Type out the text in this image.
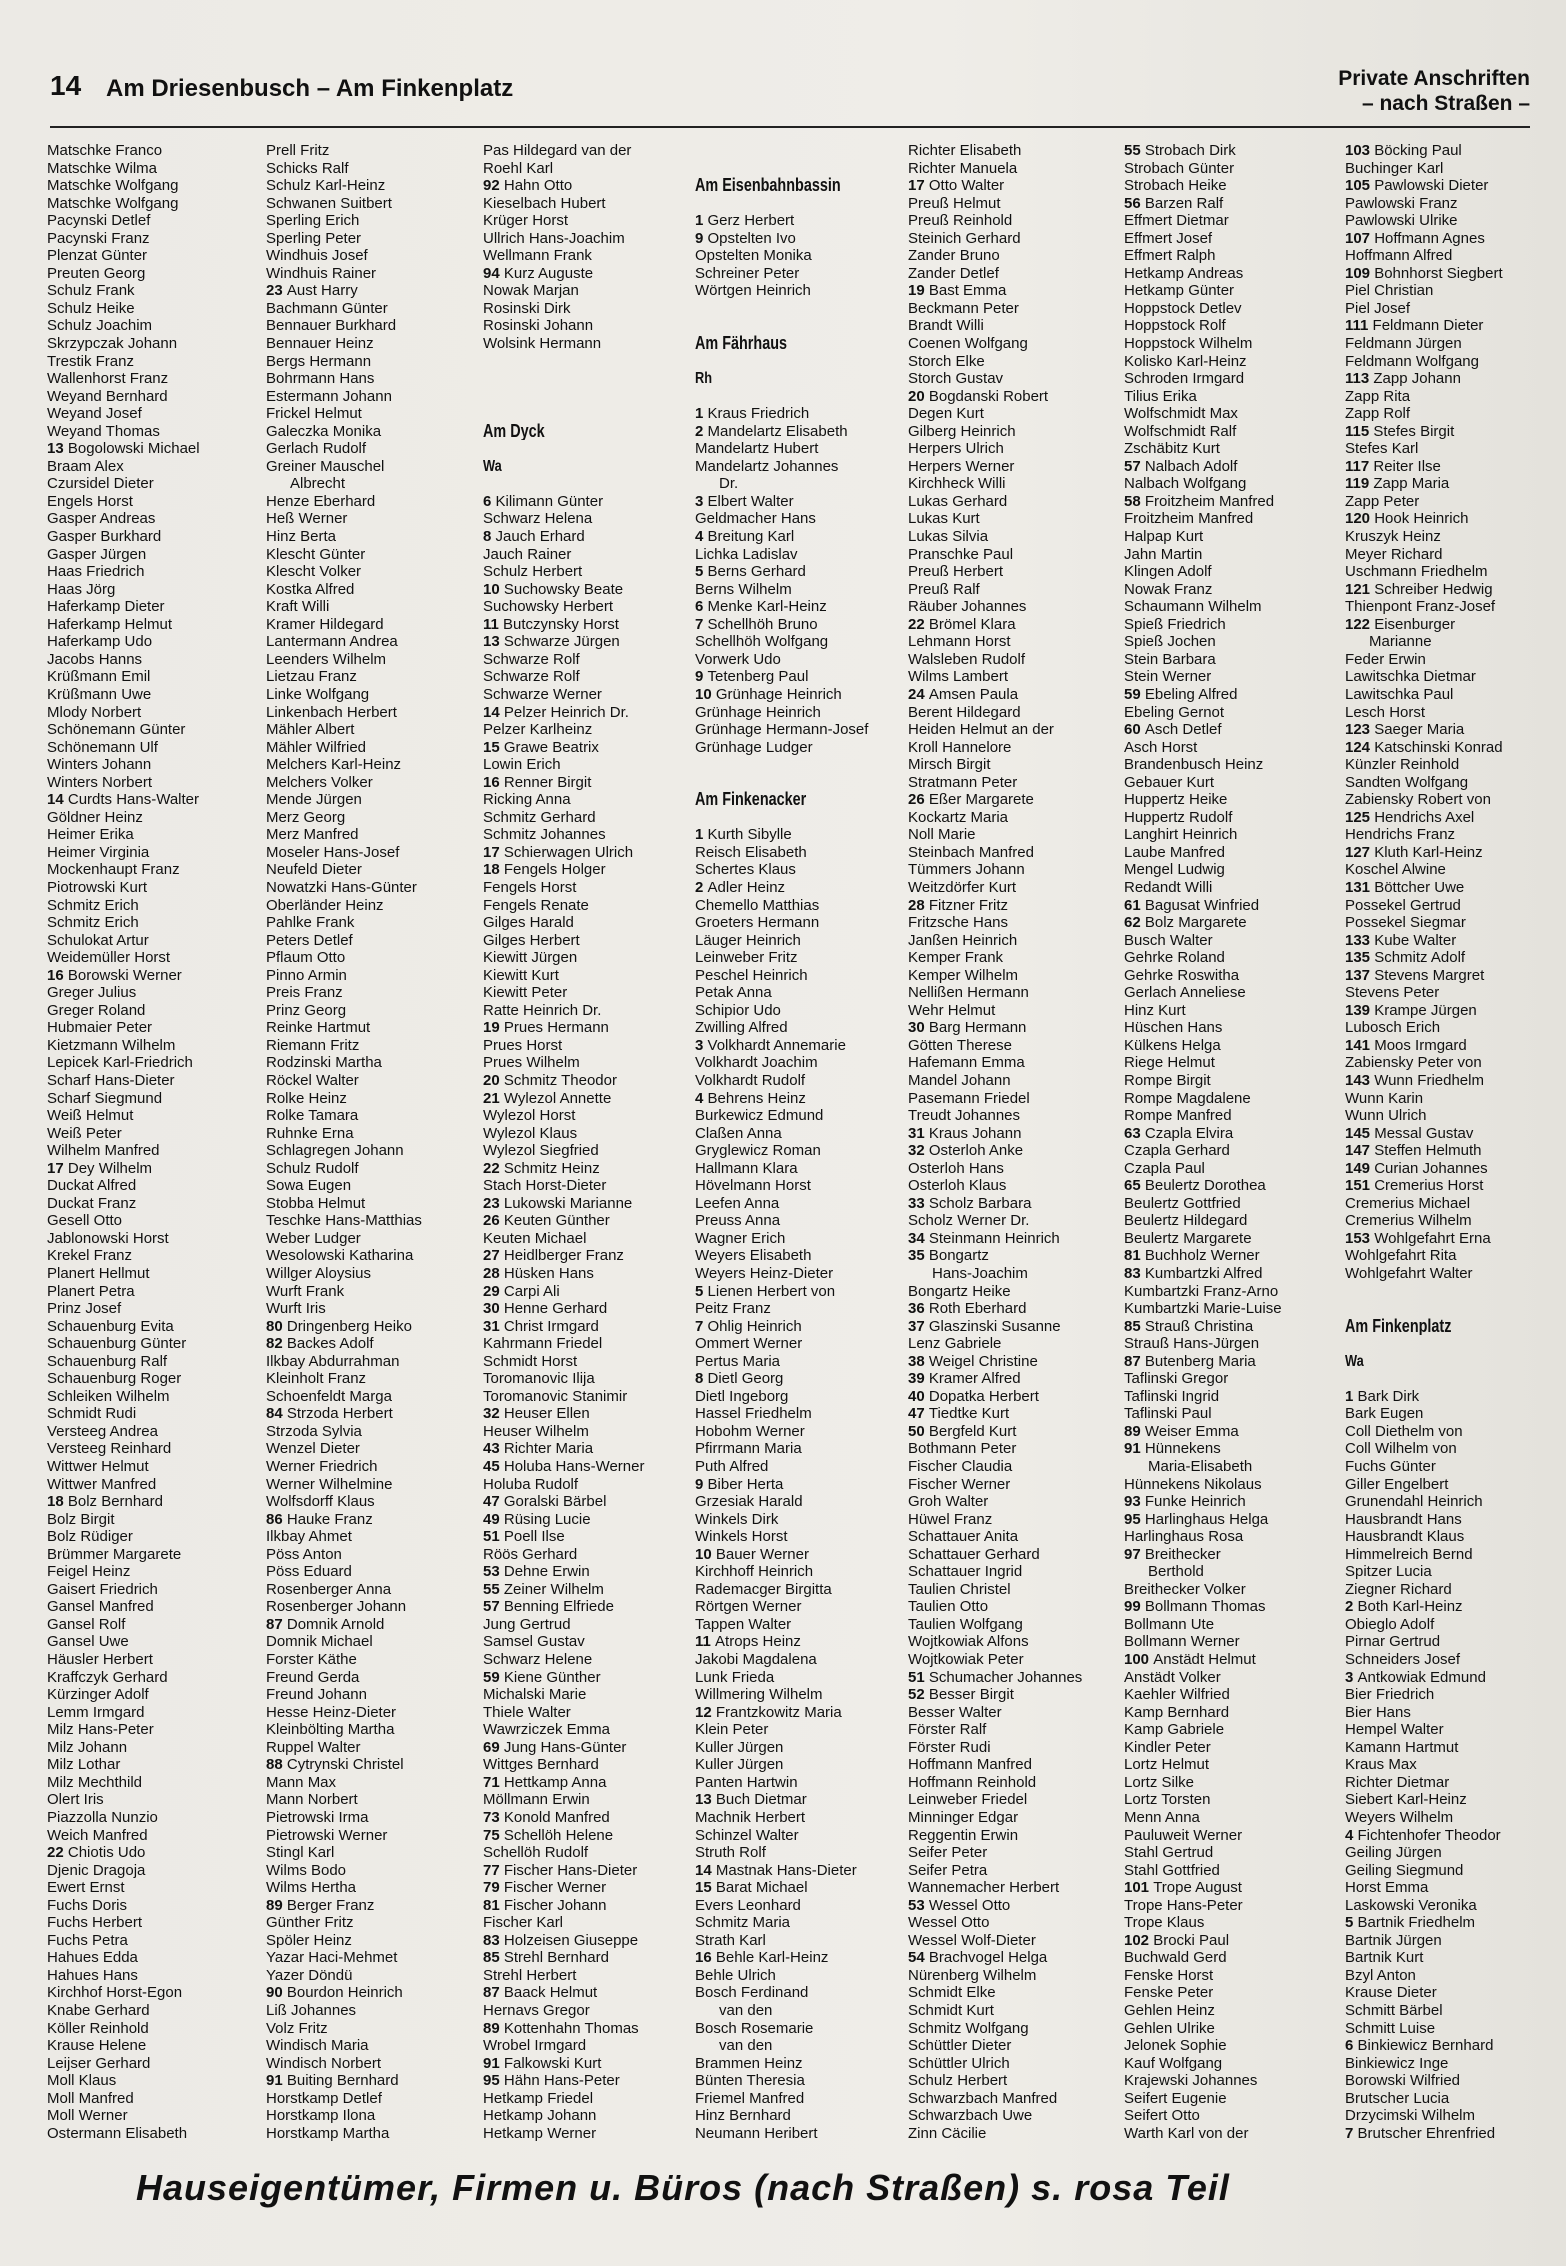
14 Am Driesenbusch – Am Finkenplatz	Private Anschriften
– nach Straßen –
Matschke Franco
Matschke Wilma
Matschke Wolfgang
Matschke Wolfgang
Pacynski Detlef
Pacynski Franz
Plenzat Günter
Preuten Georg
Schulz Frank
Schulz Heike
Schulz Joachim
Skrzypczak Johann
Trestik Franz
Wallenhorst Franz
Weyand Bernhard
Weyand Josef
Weyand Thomas
13 Bogolowski Michael
Braam Alex
Czursidel Dieter
Engels Horst
Gasper Andreas
Gasper Burkhard
Gasper Jürgen
Haas Friedrich
Haas Jörg
Haferkamp Dieter
Haferkamp Helmut
Haferkamp Udo
Jacobs Hanns
Krüßmann Emil
Krüßmann Uwe
Mlody Norbert
Schönemann Günter
Schönemann Ulf
Winters Johann
Winters Norbert
14 Curdts Hans-Walter
Göldner Heinz
Heimer Erika
Heimer Virginia
Mockenhaupt Franz
Piotrowski Kurt
Schmitz Erich
Schmitz Erich
Schulokat Artur
Weidemüller Horst
16 Borowski Werner
Greger Julius
Greger Roland
Hubmaier Peter
Kietzmann Wilhelm
Lepicek Karl-Friedrich
Scharf Hans-Dieter
Scharf Siegmund
Weiß Helmut
Weiß Peter
Wilhelm Manfred
17 Dey Wilhelm
Duckat Alfred
Duckat Franz
Gesell Otto
Jablonowski Horst
Krekel Franz
Planert Hellmut
Planert Petra
Prinz Josef
Schauenburg Evita
Schauenburg Günter
Schauenburg Ralf
Schauenburg Roger
Schleiken Wilhelm
Schmidt Rudi
Versteeg Andrea
Versteeg Reinhard
Wittwer Helmut
Wittwer Manfred
18 Bolz Bernhard
Bolz Birgit
Bolz Rüdiger
Brümmer Margarete
Feigel Heinz
Gaisert Friedrich
Gansel Manfred
Gansel Rolf
Gansel Uwe
Häusler Herbert
Kraffczyk Gerhard
Kürzinger Adolf
Lemm Irmgard
Milz Hans-Peter
Milz Johann
Milz Lothar
Milz Mechthild
Olert Iris
Piazzolla Nunzio
Weich Manfred
22 Chiotis Udo
Djenic Dragoja
Ewert Ernst
Fuchs Doris
Fuchs Herbert
Fuchs Petra
Hahues Edda
Hahues Hans
Kirchhof Horst-Egon
Knabe Gerhard
Köller Reinhold
Krause Helene
Leijser Gerhard
Moll Klaus
Moll Manfred
Moll Werner
Ostermann Elisabeth
Prell Fritz
Schicks Ralf
Schulz Karl-Heinz
Schwanen Suitbert
Sperling Erich
Sperling Peter
Windhuis Josef
Windhuis Rainer
23 Aust Harry
Bachmann Günter
Bennauer Burkhard
Bennauer Heinz
Bergs Hermann
Bohrmann Hans
Estermann Johann
Frickel Helmut
Galeczka Monika
Gerlach Rudolf
Greiner Mauschel
Albrecht
Henze Eberhard
Heß Werner
Hinz Berta
Klescht Günter
Klescht Volker
Kostka Alfred
Kraft Willi
Kramer Hildegard
Lantermann Andrea
Leenders Wilhelm
Lietzau Franz
Linke Wolfgang
Linkenbach Herbert
Mähler Albert
Mähler Wilfried
Melchers Karl-Heinz
Melchers Volker
Mende Jürgen
Merz Georg
Merz Manfred
Moseler Hans-Josef
Neufeld Dieter
Nowatzki Hans-Günter
Oberländer Heinz
Pahlke Frank
Peters Detlef
Pflaum Otto
Pinno Armin
Preis Franz
Prinz Georg
Reinke Hartmut
Riemann Fritz
Rodzinski Martha
Röckel Walter
Rolke Heinz
Rolke Tamara
Ruhnke Erna
Schlagregen Johann
Schulz Rudolf
Sowa Eugen
Stobba Helmut
Teschke Hans-Matthias
Weber Ludger
Wesolowski Katharina
Willger Aloysius
Wurft Frank
Wurft Iris
80 Dringenberg Heiko
82 Backes Adolf
Ilkbay Abdurrahman
Kleinholt Franz
Schoenfeldt Marga
84 Strzoda Herbert
Strzoda Sylvia
Wenzel Dieter
Werner Friedrich
Werner Wilhelmine
Wolfsdorff Klaus
86 Hauke Franz
Ilkbay Ahmet
Pöss Anton
Pöss Eduard
Rosenberger Anna
Rosenberger Johann
87 Domnik Arnold
Domnik Michael
Forster Käthe
Freund Gerda
Freund Johann
Hesse Heinz-Dieter
Kleinbölting Martha
Ruppel Walter
88 Cytrynski Christel
Mann Max
Mann Norbert
Pietrowski Irma
Pietrowski Werner
Stingl Karl
Wilms Bodo
Wilms Hertha
89 Berger Franz
Günther Fritz
Spöler Heinz
Yazar Haci-Mehmet
Yazer Döndü
90 Bourdon Heinrich
Liß Johannes
Volz Fritz
Windisch Maria
Windisch Norbert
91 Buiting Bernhard
Horstkamp Detlef
Horstkamp Ilona
Horstkamp Martha
Pas Hildegard van der
Roehl Karl
92 Hahn Otto
Kieselbach Hubert
Krüger Horst
Ullrich Hans-Joachim
Wellmann Frank
94 Kurz Auguste
Nowak Marjan
Rosinski Dirk
Rosinski Johann
Wolsink Hermann
Am Dyck
Wa
6 Kilimann Günter
Schwarz Helena
8 Jauch Erhard
Jauch Rainer
Schulz Herbert
10 Suchowsky Beate
Suchowsky Herbert
11 Butczynsky Horst
13 Schwarze Jürgen
Schwarze Rolf
Schwarze Rolf
Schwarze Werner
14 Pelzer Heinrich Dr.
Pelzer Karlheinz
15 Grawe Beatrix
Lowin Erich
16 Renner Birgit
Ricking Anna
Schmitz Gerhard
Schmitz Johannes
17 Schierwagen Ulrich
18 Fengels Holger
Fengels Horst
Fengels Renate
Gilges Harald
Gilges Herbert
Kiewitt Jürgen
Kiewitt Kurt
Kiewitt Peter
Ratte Heinrich Dr.
19 Prues Hermann
Prues Horst
Prues Wilhelm
20 Schmitz Theodor
21 Wylezol Annette
Wylezol Horst
Wylezol Klaus
Wylezol Siegfried
22 Schmitz Heinz
Stach Horst-Dieter
23 Lukowski Marianne
26 Keuten Günther
Keuten Michael
27 Heidlberger Franz
28 Hüsken Hans
29 Carpi Ali
30 Henne Gerhard
31 Christ Irmgard
Kahrmann Friedel
Schmidt Horst
Toromanovic Ilija
Toromanovic Stanimir
32 Heuser Ellen
Heuser Wilhelm
43 Richter Maria
45 Holuba Hans-Werner
Holuba Rudolf
47 Goralski Bärbel
49 Rüsing Lucie
51 Poell Ilse
Röös Gerhard
53 Dehne Erwin
55 Zeiner Wilhelm
57 Benning Elfriede
Jung Gertrud
Samsel Gustav
Schwarz Helene
59 Kiene Günther
Michalski Marie
Thiele Walter
Wawrziczek Emma
69 Jung Hans-Günter
Wittges Bernhard
71 Hettkamp Anna
Möllmann Erwin
73 Konold Manfred
75 Schellöh Helene
Schellöh Rudolf
77 Fischer Hans-Dieter
79 Fischer Werner
81 Fischer Johann
Fischer Karl
83 Holzeisen Giuseppe
85 Strehl Bernhard
Strehl Herbert
87 Baack Helmut
Hernavs Gregor
89 Kottenhahn Thomas
Wrobel Irmgard
91 Falkowski Kurt
95 Hähn Hans-Peter
Hetkamp Friedel
Hetkamp Johann
Hetkamp Werner
Am Eisenbahnbassin
1 Gerz Herbert
9 Opstelten Ivo
Opstelten Monika
Schreiner Peter
Wörtgen Heinrich
Am Fährhaus
Rh
1 Kraus Friedrich
2 Mandelartz Elisabeth
Mandelartz Hubert
Mandelartz Johannes
Dr.
3 Elbert Walter
Geldmacher Hans
4 Breitung Karl
Lichka Ladislav
5 Berns Gerhard
Berns Wilhelm
6 Menke Karl-Heinz
7 Schellhöh Bruno
Schellhöh Wolfgang
Vorwerk Udo
9 Tetenberg Paul
10 Grünhage Heinrich
Grünhage Heinrich
Grünhage Hermann-Josef
Grünhage Ludger
Am Finkenacker
1 Kurth Sibylle
Reisch Elisabeth
Schertes Klaus
2 Adler Heinz
Chemello Matthias
Groeters Hermann
Läuger Heinrich
Leinweber Fritz
Peschel Heinrich
Petak Anna
Schipior Udo
Zwilling Alfred
3 Volkhardt Annemarie
Volkhardt Joachim
Volkhardt Rudolf
4 Behrens Heinz
Burkewicz Edmund
Claßen Anna
Gryglewicz Roman
Hallmann Klara
Hövelmann Horst
Leefen Anna
Preuss Anna
Wagner Erich
Weyers Elisabeth
Weyers Heinz-Dieter
5 Lienen Herbert von
Peitz Franz
7 Ohlig Heinrich
Ommert Werner
Pertus Maria
8 Dietl Georg
Dietl Ingeborg
Hassel Friedhelm
Hobohm Werner
Pfirrmann Maria
Puth Alfred
9 Biber Herta
Grzesiak Harald
Winkels Dirk
Winkels Horst
10 Bauer Werner
Kirchhoff Heinrich
Rademacger Birgitta
Rörtgen Werner
Tappen Walter
11 Atrops Heinz
Jakobi Magdalena
Lunk Frieda
Willmering Wilhelm
12 Frantzkowitz Maria
Klein Peter
Kuller Jürgen
Kuller Jürgen
Panten Hartwin
13 Buch Dietmar
Machnik Herbert
Schinzel Walter
Struth Rolf
14 Mastnak Hans-Dieter
15 Barat Michael
Evers Leonhard
Schmitz Maria
Strath Karl
16 Behle Karl-Heinz
Behle Ulrich
Bosch Ferdinand
van den
Bosch Rosemarie
van den
Brammen Heinz
Bünten Theresia
Friemel Manfred
Hinz Bernhard
Neumann Heribert
Richter Elisabeth
Richter Manuela
17 Otto Walter
Preuß Helmut
Preuß Reinhold
Steinich Gerhard
Zander Bruno
Zander Detlef
19 Bast Emma
Beckmann Peter
Brandt Willi
Coenen Wolfgang
Storch Elke
Storch Gustav
20 Bogdanski Robert
Degen Kurt
Gilberg Heinrich
Herpers Ulrich
Herpers Werner
Kirchheck Willi
Lukas Gerhard
Lukas Kurt
Lukas Silvia
Pranschke Paul
Preuß Herbert
Preuß Ralf
Räuber Johannes
22 Brömel Klara
Lehmann Horst
Walsleben Rudolf
Wilms Lambert
24 Amsen Paula
Berent Hildegard
Heiden Helmut an der
Kroll Hannelore
Mirsch Birgit
Stratmann Peter
26 Eßer Margarete
Kockartz Maria
Noll Marie
Steinbach Manfred
Tümmers Johann
Weitzdörfer Kurt
28 Fitzner Fritz
Fritzsche Hans
Janßen Heinrich
Kemper Frank
Kemper Wilhelm
Nellißen Hermann
Wehr Helmut
30 Barg Hermann
Götten Therese
Hafemann Emma
Mandel Johann
Pasemann Friedel
Treudt Johannes
31 Kraus Johann
32 Osterloh Anke
Osterloh Hans
Osterloh Klaus
33 Scholz Barbara
Scholz Werner Dr.
34 Steinmann Heinrich
35 Bongartz
Hans-Joachim
Bongartz Heike
36 Roth Eberhard
37 Glaszinski Susanne
Lenz Gabriele
38 Weigel Christine
39 Kramer Alfred
40 Dopatka Herbert
47 Tiedtke Kurt
50 Bergfeld Kurt
Bothmann Peter
Fischer Claudia
Fischer Werner
Groh Walter
Hüwel Franz
Schattauer Anita
Schattauer Gerhard
Schattauer Ingrid
Taulien Christel
Taulien Otto
Taulien Wolfgang
Wojtkowiak Alfons
Wojtkowiak Peter
51 Schumacher Johannes
52 Besser Birgit
Besser Walter
Förster Ralf
Förster Rudi
Hoffmann Manfred
Hoffmann Reinhold
Leinweber Friedel
Minninger Edgar
Reggentin Erwin
Seifer Peter
Seifer Petra
Wannemacher Herbert
53 Wessel Otto
Wessel Otto
Wessel Wolf-Dieter
54 Brachvogel Helga
Nürenberg Wilhelm
Schmidt Elke
Schmidt Kurt
Schmitz Wolfgang
Schüttler Dieter
Schüttler Ulrich
Schulz Herbert
Schwarzbach Manfred
Schwarzbach Uwe
Zinn Cäcilie
55 Strobach Dirk
Strobach Günter
Strobach Heike
56 Barzen Ralf
Effmert Dietmar
Effmert Josef
Effmert Ralph
Hetkamp Andreas
Hetkamp Günter
Hoppstock Detlev
Hoppstock Rolf
Hoppstock Wilhelm
Kolisko Karl-Heinz
Schroden Irmgard
Tilius Erika
Wolfschmidt Max
Wolfschmidt Ralf
Zschäbitz Kurt
57 Nalbach Adolf
Nalbach Wolfgang
58 Froitzheim Manfred
Froitzheim Manfred
Halpap Kurt
Jahn Martin
Klingen Adolf
Nowak Franz
Schaumann Wilhelm
Spieß Friedrich
Spieß Jochen
Stein Barbara
Stein Werner
59 Ebeling Alfred
Ebeling Gernot
60 Asch Detlef
Asch Horst
Brandenbusch Heinz
Gebauer Kurt
Huppertz Heike
Huppertz Rudolf
Langhirt Heinrich
Laube Manfred
Mengel Ludwig
Redandt Willi
61 Bagusat Winfried
62 Bolz Margarete
Busch Walter
Gehrke Roland
Gehrke Roswitha
Gerlach Anneliese
Hinz Kurt
Hüschen Hans
Külkens Helga
Riege Helmut
Rompe Birgit
Rompe Magdalene
Rompe Manfred
63 Czapla Elvira
Czapla Gerhard
Czapla Paul
65 Beulertz Dorothea
Beulertz Gottfried
Beulertz Hildegard
Beulertz Margarete
81 Buchholz Werner
83 Kumbartzki Alfred
Kumbartzki Franz-Arno
Kumbartzki Marie-Luise
85 Strauß Christina
Strauß Hans-Jürgen
87 Butenberg Maria
Taflinski Gregor
Taflinski Ingrid
Taflinski Paul
89 Weiser Emma
91 Hünnekens
Maria-Elisabeth
Hünnekens Nikolaus
93 Funke Heinrich
95 Harlinghaus Helga
Harlinghaus Rosa
97 Breithecker
Berthold
Breithecker Volker
99 Bollmann Thomas
Bollmann Ute
Bollmann Werner
100 Anstädt Helmut
Anstädt Volker
Kaehler Wilfried
Kamp Bernhard
Kamp Gabriele
Kindler Peter
Lortz Helmut
Lortz Silke
Lortz Torsten
Menn Anna
Pauluweit Werner
Stahl Gertrud
Stahl Gottfried
101 Trope August
Trope Hans-Peter
Trope Klaus
102 Brocki Paul
Buchwald Gerd
Fenske Horst
Fenske Peter
Gehlen Heinz
Gehlen Ulrike
Jelonek Sophie
Kauf Wolfgang
Krajewski Johannes
Seifert Eugenie
Seifert Otto
Warth Karl von der
103 Böcking Paul
Buchinger Karl
105 Pawlowski Dieter
Pawlowski Franz
Pawlowski Ulrike
107 Hoffmann Agnes
Hoffmann Alfred
109 Bohnhorst Siegbert
Piel Christian
Piel Josef
111 Feldmann Dieter
Feldmann Jürgen
Feldmann Wolfgang
113 Zapp Johann
Zapp Rita
Zapp Rolf
115 Stefes Birgit
Stefes Karl
117 Reiter Ilse
119 Zapp Maria
Zapp Peter
120 Hook Heinrich
Kruszyk Heinz
Meyer Richard
Uschmann Friedhelm
121 Schreiber Hedwig
Thienpont Franz-Josef
122 Eisenburger
Marianne
Feder Erwin
Lawitschka Dietmar
Lawitschka Paul
Lesch Horst
123 Saeger Maria
124 Katschinski Konrad
Künzler Reinhold
Sandten Wolfgang
Zabiensky Robert von
125 Hendrichs Axel
Hendrichs Franz
127 Kluth Karl-Heinz
Koschel Alwine
131 Böttcher Uwe
Possekel Gertrud
Possekel Siegmar
133 Kube Walter
135 Schmitz Adolf
137 Stevens Margret
Stevens Peter
139 Krampe Jürgen
Lubosch Erich
141 Moos Irmgard
Zabiensky Peter von
143 Wunn Friedhelm
Wunn Karin
Wunn Ulrich
145 Messal Gustav
147 Steffen Helmuth
149 Curian Johannes
151 Cremerius Horst
Cremerius Michael
Cremerius Wilhelm
153 Wohlgefahrt Erna
Wohlgefahrt Rita
Wohlgefahrt Walter
Am Finkenplatz
Wa
1 Bark Dirk
Bark Eugen
Coll Diethelm von
Coll Wilhelm von
Fuchs Günter
Giller Engelbert
Grunendahl Heinrich
Hausbrandt Hans
Hausbrandt Klaus
Himmelreich Bernd
Spitzer Lucia
Ziegner Richard
2 Both Karl-Heinz
Obieglo Adolf
Pirnar Gertrud
Schneiders Josef
3 Antkowiak Edmund
Bier Friedrich
Bier Hans
Hempel Walter
Kamann Hartmut
Kraus Max
Richter Dietmar
Siebert Karl-Heinz
Weyers Wilhelm
4 Fichtenhofer Theodor
Geiling Jürgen
Geiling Siegmund
Horst Emma
Laskowski Veronika
5 Bartnik Friedhelm
Bartnik Jürgen
Bartnik Kurt
Bzyl Anton
Krause Dieter
Schmitt Bärbel
Schmitt Luise
6 Binkiewicz Bernhard
Binkiewicz Inge
Borowski Wilfried
Brutscher Lucia
Drzycimski Wilhelm
7 Brutscher Ehrenfried
Hauseigentümer, Firmen u. Büros (nach Straßen) s. rosa Teil
